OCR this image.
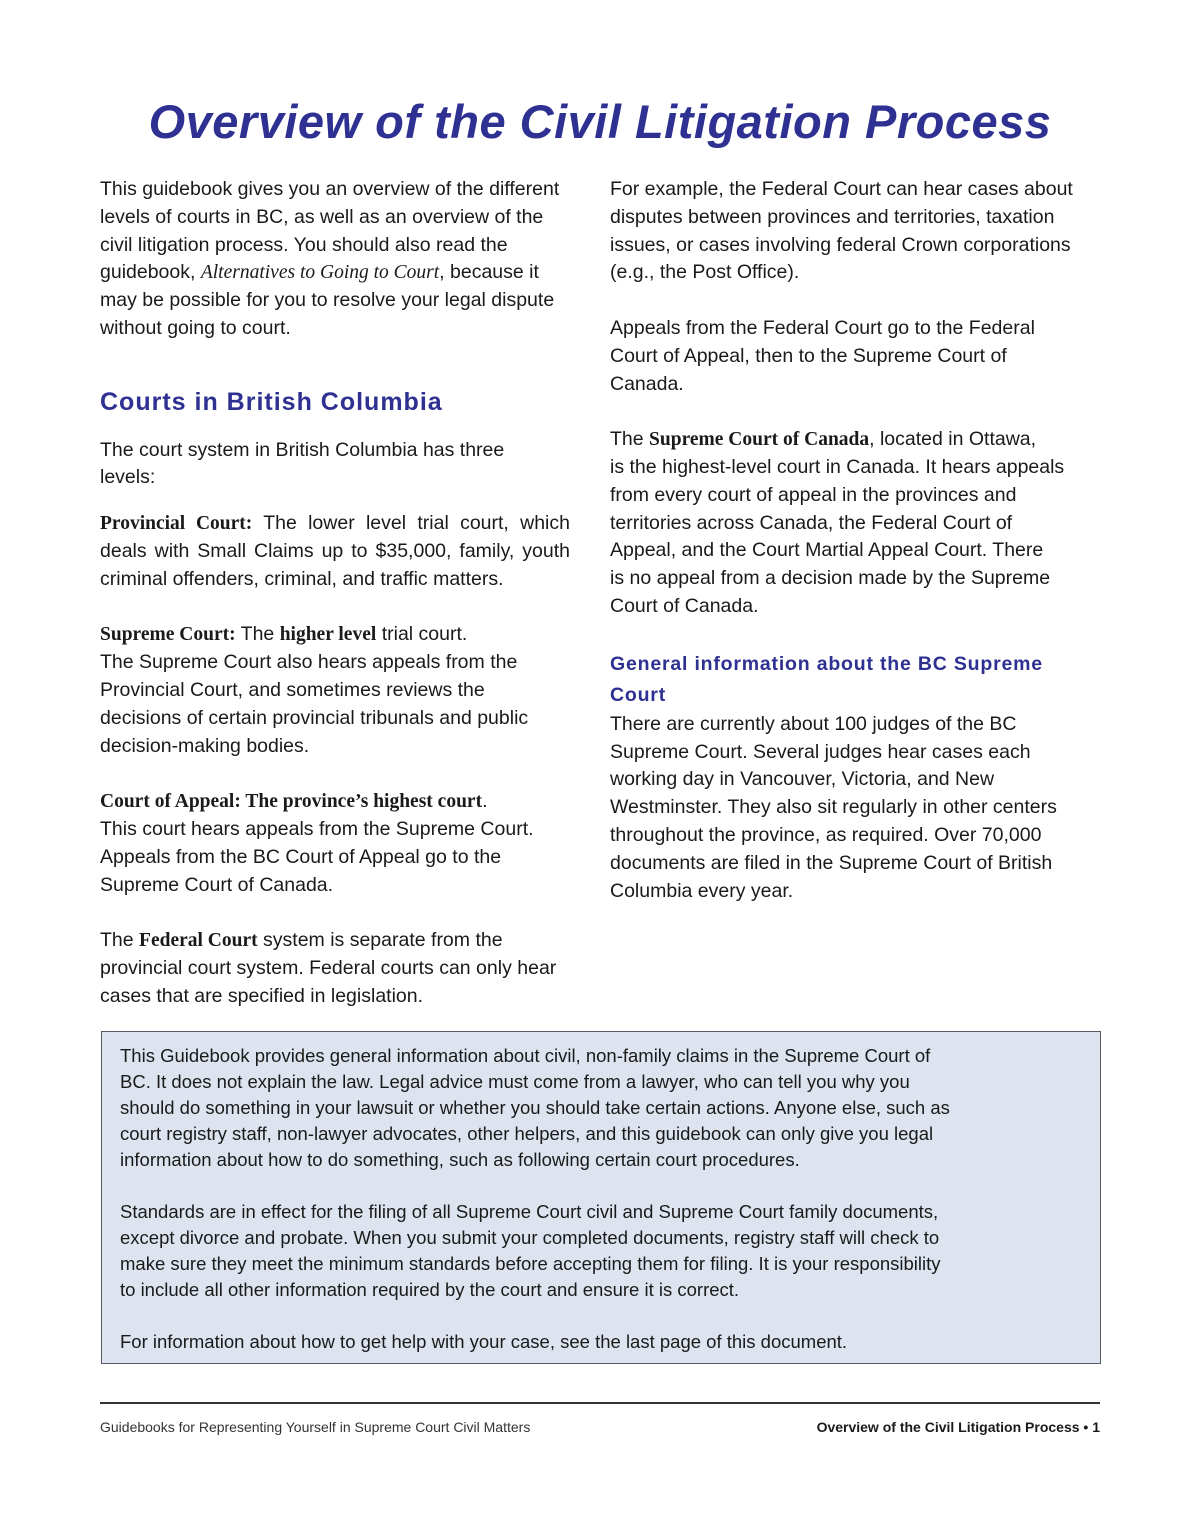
Overview of the Civil Litigation Process

This guidebook gives you an overview of the different

levels of courts in BC, as well as an overview of the

civil litigation process. You should also read the

guidebook, Alternatives to Going to Court, because it

may be possible for you to resolve your legal dispute

without going to court.

Courts in British Columbia

The court system in British Columbia has three

levels:

Provincial Court: The lower level trial court, which deals with Small Claims up to $35,000, family, youth criminal offenders, criminal, and traffic matters.

Supreme Court: The higher level trial court.

The Supreme Court also hears appeals from the

Provincial Court, and sometimes reviews the

decisions of certain provincial tribunals and public

decision-making bodies.

Court of Appeal: The province’s highest court.

This court hears appeals from the Supreme Court.

Appeals from the BC Court of Appeal go to the

Supreme Court of Canada.

The Federal Court system is separate from the

provincial court system. Federal courts can only hear

cases that are specified in legislation.

For example, the Federal Court can hear cases about

disputes between provinces and territories, taxation

issues, or cases involving federal Crown corporations

(e.g., the Post Office).

Appeals from the Federal Court go to the Federal

Court of Appeal, then to the Supreme Court of

Canada.

The Supreme Court of Canada, located in Ottawa,

is the highest-level court in Canada. It hears appeals

from every court of appeal in the provinces and

territories across Canada, the Federal Court of

Appeal, and the Court Martial Appeal Court. There

is no appeal from a decision made by the Supreme

Court of Canada.

General information about the BC Supreme
Court

There are currently about 100 judges of the BC

Supreme Court. Several judges hear cases each

working day in Vancouver, Victoria, and New

Westminster. They also sit regularly in other centers

throughout the province, as required. Over 70,000

documents are filed in the Supreme Court of British

Columbia every year.

This Guidebook provides general information about civil, non-family claims in the Supreme Court of

BC. It does not explain the law. Legal advice must come from a lawyer, who can tell you why you

should do something in your lawsuit or whether you should take certain actions. Anyone else, such as

court registry staff, non-lawyer advocates, other helpers, and this guidebook can only give you legal

information about how to do something, such as following certain court procedures.

Standards are in effect for the filing of all Supreme Court civil and Supreme Court family documents,

except divorce and probate. When you submit your completed documents, registry staff will check to

make sure they meet the minimum standards before accepting them for filing. It is your responsibility

to include all other information required by the court and ensure it is correct.

For information about how to get help with your case, see the last page of this document.

Guidebooks for Representing Yourself in Supreme Court Civil Matters	Overview of the Civil Litigation Process • 1
